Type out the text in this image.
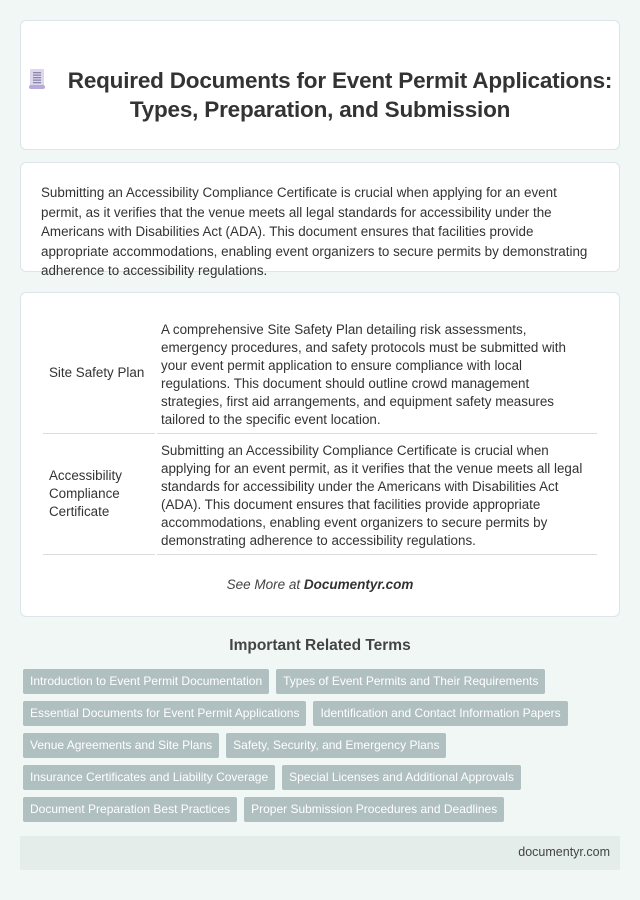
Required Documents for Event Permit Applications: Types, Preparation, and Submission

Submitting an Accessibility Compliance Certificate is crucial when applying for an event permit, as it verifies that the venue meets all legal standards for accessibility under the Americans with Disabilities Act (ADA). This document ensures that facilities provide appropriate accommodations, enabling event organizers to secure permits by demonstrating adherence to accessibility regulations.

Site Safety Plan	A comprehensive Site Safety Plan detailing risk assessments, emergency procedures, and safety protocols must be submitted with your event permit application to ensure compliance with local regulations. This document should outline crowd management strategies, first aid arrangements, and equipment safety measures tailored to the specific event location.
Accessibility Compliance Certificate	Submitting an Accessibility Compliance Certificate is crucial when applying for an event permit, as it verifies that the venue meets all legal standards for accessibility under the Americans with Disabilities Act (ADA). This document ensures that facilities provide appropriate accommodations, enabling event organizers to secure permits by demonstrating adherence to accessibility regulations.
See More at Documentyr.com
Important Related Terms
Introduction to Event Permit Documentation	Types of Event Permits and Their Requirements
Essential Documents for Event Permit Applications	Identification and Contact Information Papers
Venue Agreements and Site Plans	Safety, Security, and Emergency Plans
Insurance Certificates and Liability Coverage	Special Licenses and Additional Approvals
Document Preparation Best Practices	Proper Submission Procedures and Deadlines
documentyr.com
